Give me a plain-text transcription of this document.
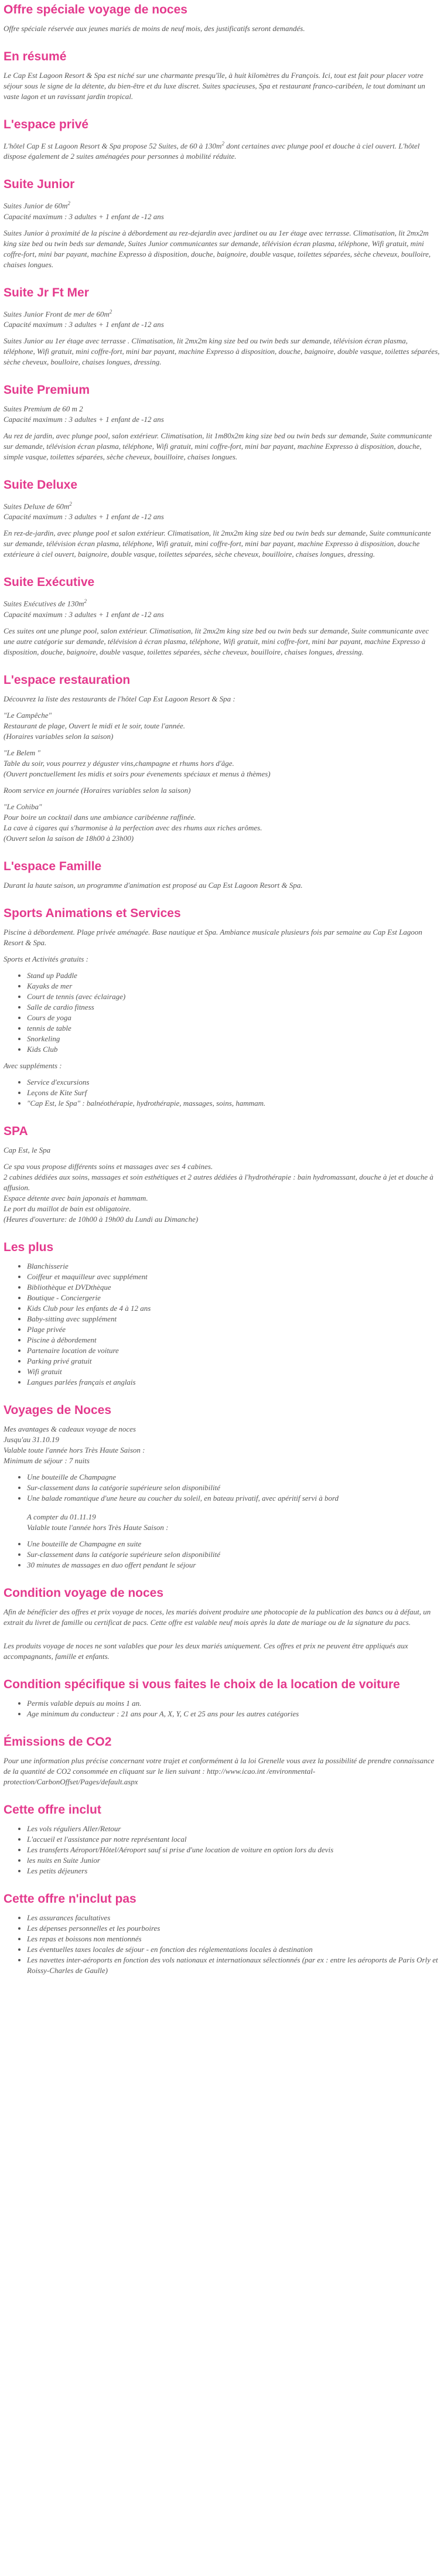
Offre spéciale voyage de noces

Offre spéciale réservée aux jeunes mariés de moins de neuf mois, des justificatifs seront demandés.

En résumé

Le Cap Est Lagoon Resort & Spa est niché sur une charmante presqu'île, à huit kilomètres du François. Ici, tout est fait pour placer votre séjour sous le signe de la détente, du bien-être et du luxe discret. Suites spacieuses, Spa et restaurant franco-caribéen, le tout dominant un vaste lagon et un ravissant jardin tropical.

L'espace privé

L'hôtel Cap E st Lagoon Resort & Spa propose 52 Suites, de 60 à $130m^2$ dont certaines avec plunge pool et douche à ciel ouvert. L'hôtel dispose également de 2 suites aménagées pour personnes à mobilité réduite.

Suite Junior
Suites Junior de $60m^2$
Capacité maximum : 3 adultes + 1 enfant de -12 ans

Suites Junior à proximité de la piscine à débordement au rez-dejardin avec jardinet ou au 1er étage avec terrasse. Climatisation, lit 2mx2m king size bed ou twin beds sur demande, Suites Junior communicantes sur demande, télévision écran plasma, téléphone, Wifi gratuit, mini coffre-fort, mini bar payant, machine Expresso à disposition, douche, baignoire, double vasque, toilettes séparées, sèche cheveux, boulloire, chaises longues.

Suite Jr Ft Mer
Suites Junior Front de mer de $60m^2$
Capacité maximum : 3 adultes + 1 enfant de -12 ans

Suites Junior au 1er étage avec terrasse . Climatisation, lit 2mx2m king size bed ou twin beds sur demande, télévision écran plasma, téléphone, Wifi gratuit, mini coffre-fort, mini bar payant, machine Expresso à disposition, douche, baignoire, double vasque, toilettes séparées, sèche cheveux, boulloire, chaises longues, dressing.

Suite Premium
Suites Premium de 60 m 2
Capacité maximum : 3 adultes + 1 enfant de -12 ans

Au rez de jardin, avec plunge pool, salon extérieur. Climatisation, lit 1m80x2m king size bed ou twin beds sur demande, Suite communicante sur demande, télévision écran plasma, téléphone, Wifi gratuit, mini coffre-fort, mini bar payant, machine Expresso à disposition, douche, simple vasque, toilettes séparées, sèche cheveux, bouilloire, chaises longues.

Suite Deluxe
Suites Deluxe de $60m^2$
Capacité maximum : 3 adultes + 1 enfant de -12 ans

En rez-de-jardin, avec plunge pool et salon extérieur. Climatisation, lit 2mx2m king size bed ou twin beds sur demande, Suite communicante sur demande, télévision écran plasma, téléphone, Wifi gratuit, mini coffre-fort, mini bar payant, machine Expresso à disposition, douche extérieure à ciel ouvert, baignoire, double vasque, toilettes séparées, sèche cheveux, bouilloire, chaises longues, dressing.

Suite Exécutive
Suites Exécutives de $130m^2$
Capacité maximum : 3 adultes + 1 enfant de -12 ans

Ces suites ont une plunge pool, salon extérieur. Climatisation, lit 2mx2m king size bed ou twin beds sur demande, Suite communicante avec une autre catégorie sur demande, télévision à écran plasma, téléphone, Wifi gratuit, mini coffre-fort, mini bar payant, machine Expresso à disposition, douche, baignoire, double vasque, toilettes séparées, sèche cheveux, bouilloire, chaises longues, dressing.

L'espace restauration

Découvrez la liste des restaurants de l'hôtel Cap Est Lagoon Resort & Spa :

"Le Campêche"
Restaurant de plage, Ouvert le midi et le soir, toute l'année.
(Horaires variables selon la saison)
"Le Belem "
Table du soir, vous pourrez y déguster vins,champagne et rhums hors d'âge.
(Ouvert ponctuellement les midis et soirs pour évenements spéciaux et menus à thèmes)
Room service en journée (Horaires variables selon la saison)
"Le Cohiba"
Pour boire un cocktail dans une ambiance caribéenne raffinée.
La cave à cigares qui s'harmonise à la perfection avec des rhums aux riches arômes.
(Ouvert selon la saison de 18h00 à 23h00)
L'espace Famille

Durant la haute saison, un programme d'animation est proposé au Cap Est Lagoon Resort & Spa.

Sports Animations et Services

Piscine à débordement. Plage privée aménagée. Base nautique et Spa. Ambiance musicale plusieurs fois par semaine au Cap Est Lagoon Resort & Spa.

Sports et Activités gratuits :

• Stand up Paddle
• Kayaks de mer
• Court de tennis (avec éclairage)
• Salle de cardio fitness
• Cours de yoga
• tennis de table
• Snorkeling
• Kids Club

Avec suppléments :

• Service d'excursions
• Leçons de Kite Surf
• "Cap Est, le Spa" : balnéothérapie, hydrothérapie, massages, soins, hammam.
SPA

Cap Est, le Spa

Ce spa vous propose différents soins et massages avec ses 4 cabines.
2 cabines dédiées aux soins, massages et soin esthétiques et 2 autres dédiées à l'hydrothérapie : bain hydromassant, douche à jet et douche à affusion.
Espace détente avec bain japonais et hammam.
Le port du maillot de bain est obligatoire.
(Heures d'ouverture: de 10h00 à 19h00 du Lundi au Dimanche)
Les plus
• Blanchisserie
• Coiffeur et maquilleur avec supplément
• Bibliothèque et DVDthèque
• Boutique - Conciergerie
• Kids Club pour les enfants de 4 à 12 ans
• Baby-sitting avec supplément
• Plage privée
• Piscine à débordement
• Partenaire location de voiture
• Parking privé gratuit
• Wifi gratuit
• Langues parlées français et anglais
Voyages de Noces
Mes avantages & cadeaux voyage de noces
Jusqu'au 31.10.19
Valable toute l'année hors Très Haute Saison :
Minimum de séjour : 7 nuits
• Une bouteille de Champagne
• Sur-classement dans la catégorie supérieure selon disponibilité
• Une balade romantique d'une heure au coucher du soleil, en bateau privatif, avec apéritif servi à bord
A compter du 01.11.19
Valable toute l'année hors Très Haute Saison :
• Une bouteille de Champagne en suite
• Sur-classement dans la catégorie supérieure selon disponibilité
• 30 minutes de massages en duo offert pendant le séjour
Condition voyage de noces

Afin de bénéficier des offres et prix voyage de noces, les mariés doivent produire une photocopie de la publication des bancs ou à défaut, un extrait du livret de famille ou certificat de pacs. Cette offre est valable neuf mois après la date de mariage ou de la signature du pacs.

Les produits voyage de noces ne sont valables que pour les deux mariés uniquement. Ces offres et prix ne peuvent être appliqués aux accompagnants, famille et enfants.

Condition spécifique si vous faites le choix de la location de voiture
• Permis valable depuis au moins 1 an.
• Age minimum du conducteur : 21 ans pour A, X, Y, C et 25 ans pour les autres catégories
Émissions de CO2

Pour une information plus précise concernant votre trajet et conformément à la loi Grenelle vous avez la possibilité de prendre connaissance de la quantité de CO2 consommée en cliquant sur le lien suivant : http://www.icao.int /environmental-protection/CarbonOffset/Pages/default.aspx

Cette offre inclut
• Les vols réguliers Aller/Retour
• L'accueil et l'assistance par notre représentant local
• Les transferts Aéroport/Hôtel/Aéroport sauf si prise d'une location de voiture en option lors du devis
• les nuits en Suite Junior
• Les petits déjeuners
Cette offre n'inclut pas
• Les assurances facultatives
• Les dépenses personnelles et les pourboires
• Les repas et boissons non mentionnés
• Les éventuelles taxes locales de séjour - en fonction des réglementations locales à destination
• Les navettes inter-aéroports en fonction des vols nationaux et internationaux sélectionnés (par ex : entre les aéroports de Paris Orly et Roissy-Charles de Gaulle)
